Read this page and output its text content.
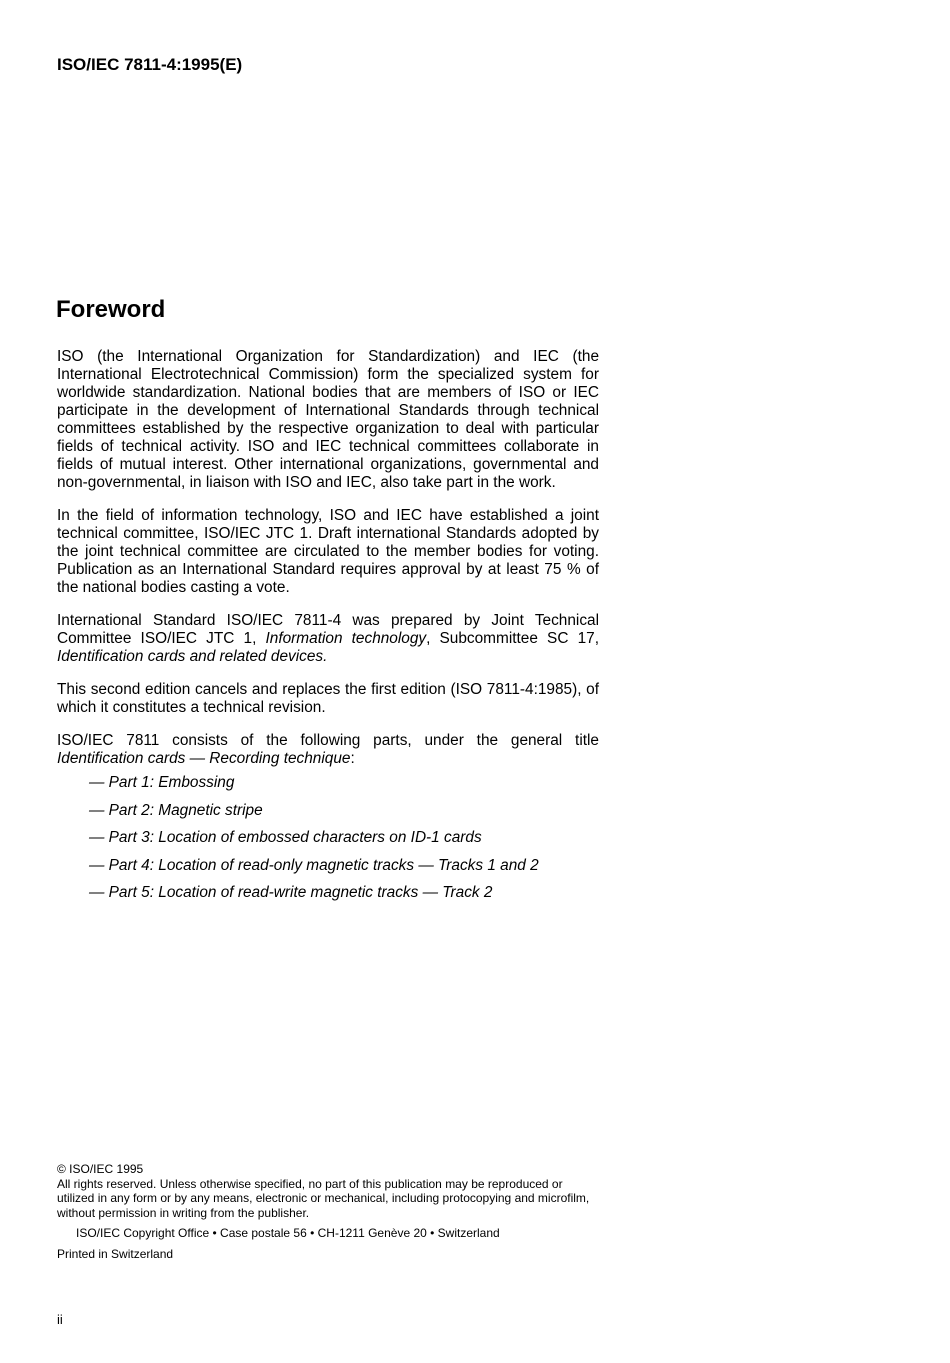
ISO/IEC 7811-4:1995(E)
Foreword

ISO (the International Organization for Standardization) and IEC (the International Electrotechnical Commission) form the specialized system for worldwide standardization. National bodies that are members of ISO or IEC participate in the development of International Standards through technical committees established by the respective organization to deal with particular fields of technical activity. ISO and IEC technical committees collaborate in fields of mutual interest. Other international organizations, governmental and non-governmental, in liaison with ISO and IEC, also take part in the work.

In the field of information technology, ISO and IEC have established a joint technical committee, ISO/IEC JTC 1. Draft international Standards adopted by the joint technical committee are circulated to the member bodies for voting. Publication as an International Standard requires approval by at least 75 % of the national bodies casting a vote.

International Standard ISO/IEC 7811-4 was prepared by Joint Technical Committee ISO/IEC JTC 1, Information technology, Subcommittee SC 17, Identification cards and related devices.

This second edition cancels and replaces the first edition (ISO 7811-4:1985), of which it constitutes a technical revision.

ISO/IEC 7811 consists of the following parts, under the general title Identification cards — Recording technique:

— Part 1: Embossing
— Part 2: Magnetic stripe
— Part 3: Location of embossed characters on ID-1 cards
— Part 4: Location of read-only magnetic tracks — Tracks 1 and 2
— Part 5: Location of read-write magnetic tracks — Track 2
© ISO/IEC 1995
All rights reserved. Unless otherwise specified, no part of this publication may be reproduced or utilized in any form or by any means, electronic or mechanical, including protocopying and microfilm, without permission in writing from the publisher.
ISO/IEC Copyright Office • Case postale 56 • CH-1211 Genève 20 • Switzerland
Printed in Switzerland
ii
